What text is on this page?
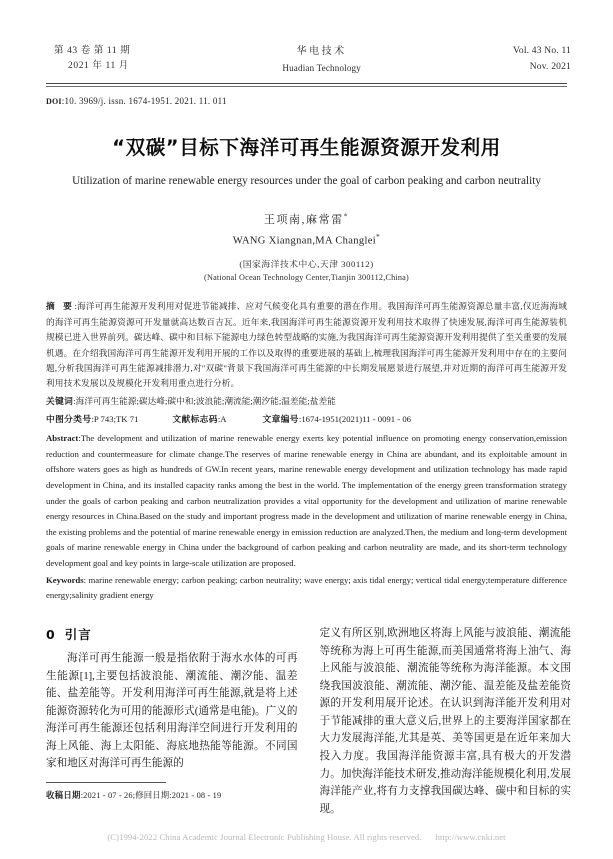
第 43 卷 第 11 期
2021 年 11 月
华电技术
Huadian Technology
Vol. 43 No. 11
Nov. 2021
DOI:10. 3969/j. issn. 1674-1951. 2021. 11. 011
“双碳”目标下海洋可再生能源资源开发利用
Utilization of marine renewable energy resources under the goal of carbon peaking and carbon neutrality
王项南,麻常雷*
WANG Xiangnan,MA Changlei*
(国家海洋技术中心,天津 300112)
(National Ocean Technology Center,Tianjin 300112,China)
摘 要:海洋可再生能源开发利用对促进节能减排、应对气候变化具有重要的潜在作用。我国海洋可再生能源资源总量丰富,仅近海海域的海洋可再生能源资源可开发量就高达数百吉瓦。近年来,我国海洋可再生能源资源开发利用技术取得了快速发展,海洋可再生能源装机规模已进入世界前列。碳达峰、碳中和目标下能源电力绿色转型战略的实施,为我国海洋可再生能源资源开发利用提供了至关重要的发展机遇。在介绍我国海洋可再生能源开发利用开展的工作以及取得的重要进展的基础上,梳理我国海洋可再生能源开发利用中存在的主要问题,分析我国海洋可再生能源减排潜力,对"双碳"背景下我国海洋可再生能源的中长期发展愿景进行展望,并对近期的海洋可再生能源开发利用技术发展以及规模化开发利用重点进行分析。
关键词:海洋可再生能源;碳达峰;碳中和;波浪能;潮流能;潮汐能;温差能;盐差能
中图分类号:P 743;TK 71	文献标志码:A	文章编号:1674-1951(2021)11 - 0091 - 06
Abstract:The development and utilization of marine renewable energy exerts key potential influence on promoting energy conservation,emission reduction and countermeasure for climate change.The reserves of marine renewable energy in China are abundant, and its exploitable amount in offshore waters goes as high as hundreds of GW.In recent years, marine renewable energy development and utilization technology has made rapid development in China, and its installed capacity ranks among the best in the world. The implementation of the energy green transformation strategy under the goals of carbon peaking and carbon neutralization provides a vital opportunity for the development and utilization of marine renewable energy resources in China.Based on the study and important progress made in the development and utilization of marine renewable energy in China, the existing problems and the potential of marine renewable energy in emission reduction are analyzed.Then, the medium and long-term development goals of marine renewable energy in China under the background of carbon peaking and carbon neutrality are made, and its short-term technology development goal and key points in large-scale utilization are proposed.
Keywords: marine renewable energy; carbon peaking; carbon neutrality; wave energy; axis tidal energy; vertical tidal energy;temperature difference energy;salinity gradient energy
0 引言
海洋可再生能源一般是指依附于海水水体的可再生能源[1],主要包括波浪能、潮流能、潮汐能、温差能、盐差能等。开发利用海洋可再生能源,就是将上述能源资源转化为可用的能源形式(通常是电能)。广义的海洋可再生能源还包括利用海洋空间进行开发利用的海上风能、海上太阳能、海底地热能等能源。不同国家和地区对海洋可再生能源的
收稿日期:2021 - 07 - 26;修回日期:2021 - 08 - 19
定义有所区别,欧洲地区将海上风能与波浪能、潮流能等统称为海上可再生能源,而美国通常将海上油气、海上风能与波浪能、潮流能等统称为海洋能源。本文围绕我国波浪能、潮流能、潮汐能、温差能及盐差能资源的开发利用展开论述。在认识到海洋能开发利用对于节能减排的重大意义后,世界上的主要海洋国家都在大力发展海洋能,尤其是英、美等国更是在近年来加大投入力度。我国海洋能资源丰富,具有极大的开发潜力。加快海洋能技术研发,推动海洋能规模化利用,发展海洋能产业,将有力支撑我国碳达峰、碳中和目标的实现。
(C)1994-2022 China Academic Journal Electronic Publishing House. All rights reserved. http://www.cnki.net
